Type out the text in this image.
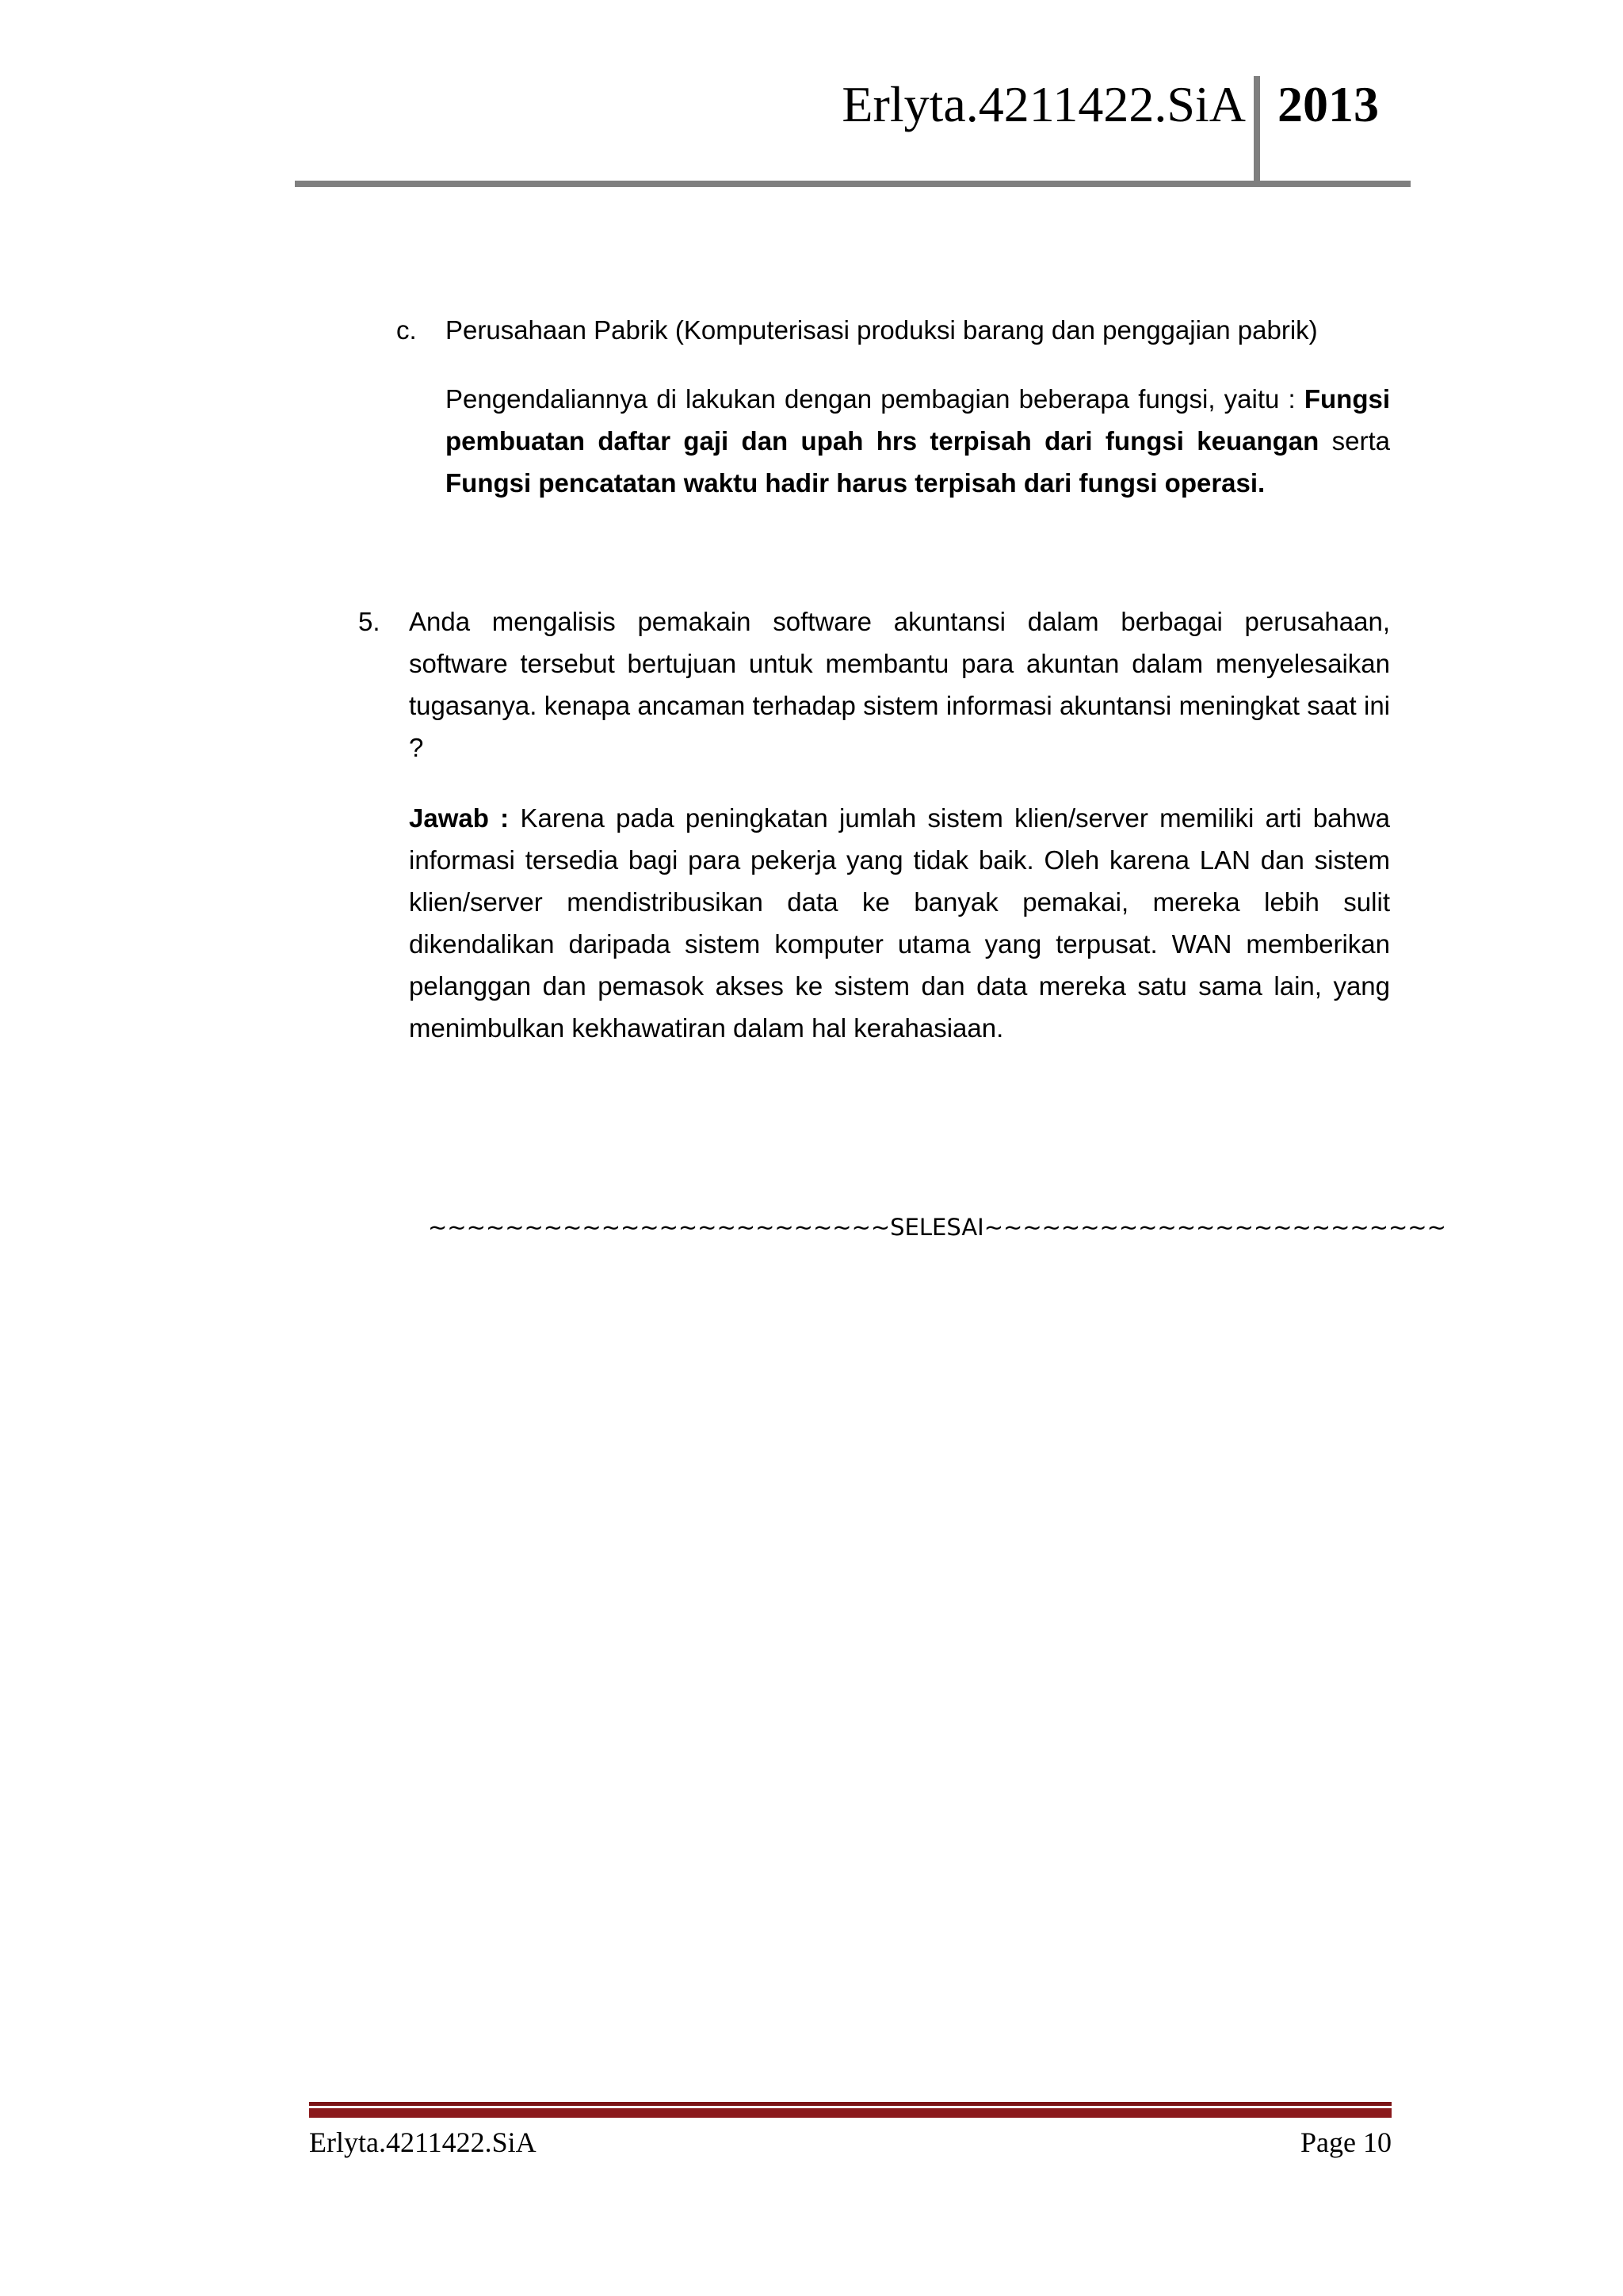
Erlyta.4211422.SiA 2013
c. Perusahaan Pabrik (Komputerisasi produksi barang dan penggajian pabrik)
Pengendaliannya di lakukan dengan pembagian beberapa fungsi, yaitu : Fungsi pembuatan daftar gaji dan upah hrs terpisah dari fungsi keuangan serta Fungsi pencatatan waktu hadir harus terpisah dari fungsi operasi.
5. Anda mengalisis pemakain software akuntansi dalam berbagai perusahaan, software tersebut bertujuan untuk membantu para akuntan dalam menyelesaikan tugasanya. kenapa ancaman terhadap sistem informasi akuntansi meningkat saat ini ?
Jawab : Karena pada peningkatan jumlah sistem klien/server memiliki arti bahwa informasi tersedia bagi para pekerja yang tidak baik. Oleh karena LAN dan sistem klien/server mendistribusikan data ke banyak pemakai, mereka lebih sulit dikendalikan daripada sistem komputer utama yang terpusat. WAN memberikan pelanggan dan pemasok akses ke sistem dan data mereka satu sama lain, yang menimbulkan kekhawatiran dalam hal kerahasiaan.
~~~~~~~~~~~~~~~~~~~~~~~~SELESAI~~~~~~~~~~~~~~~~~~~~~~~~
Erlyta.4211422.SiA	Page 10
